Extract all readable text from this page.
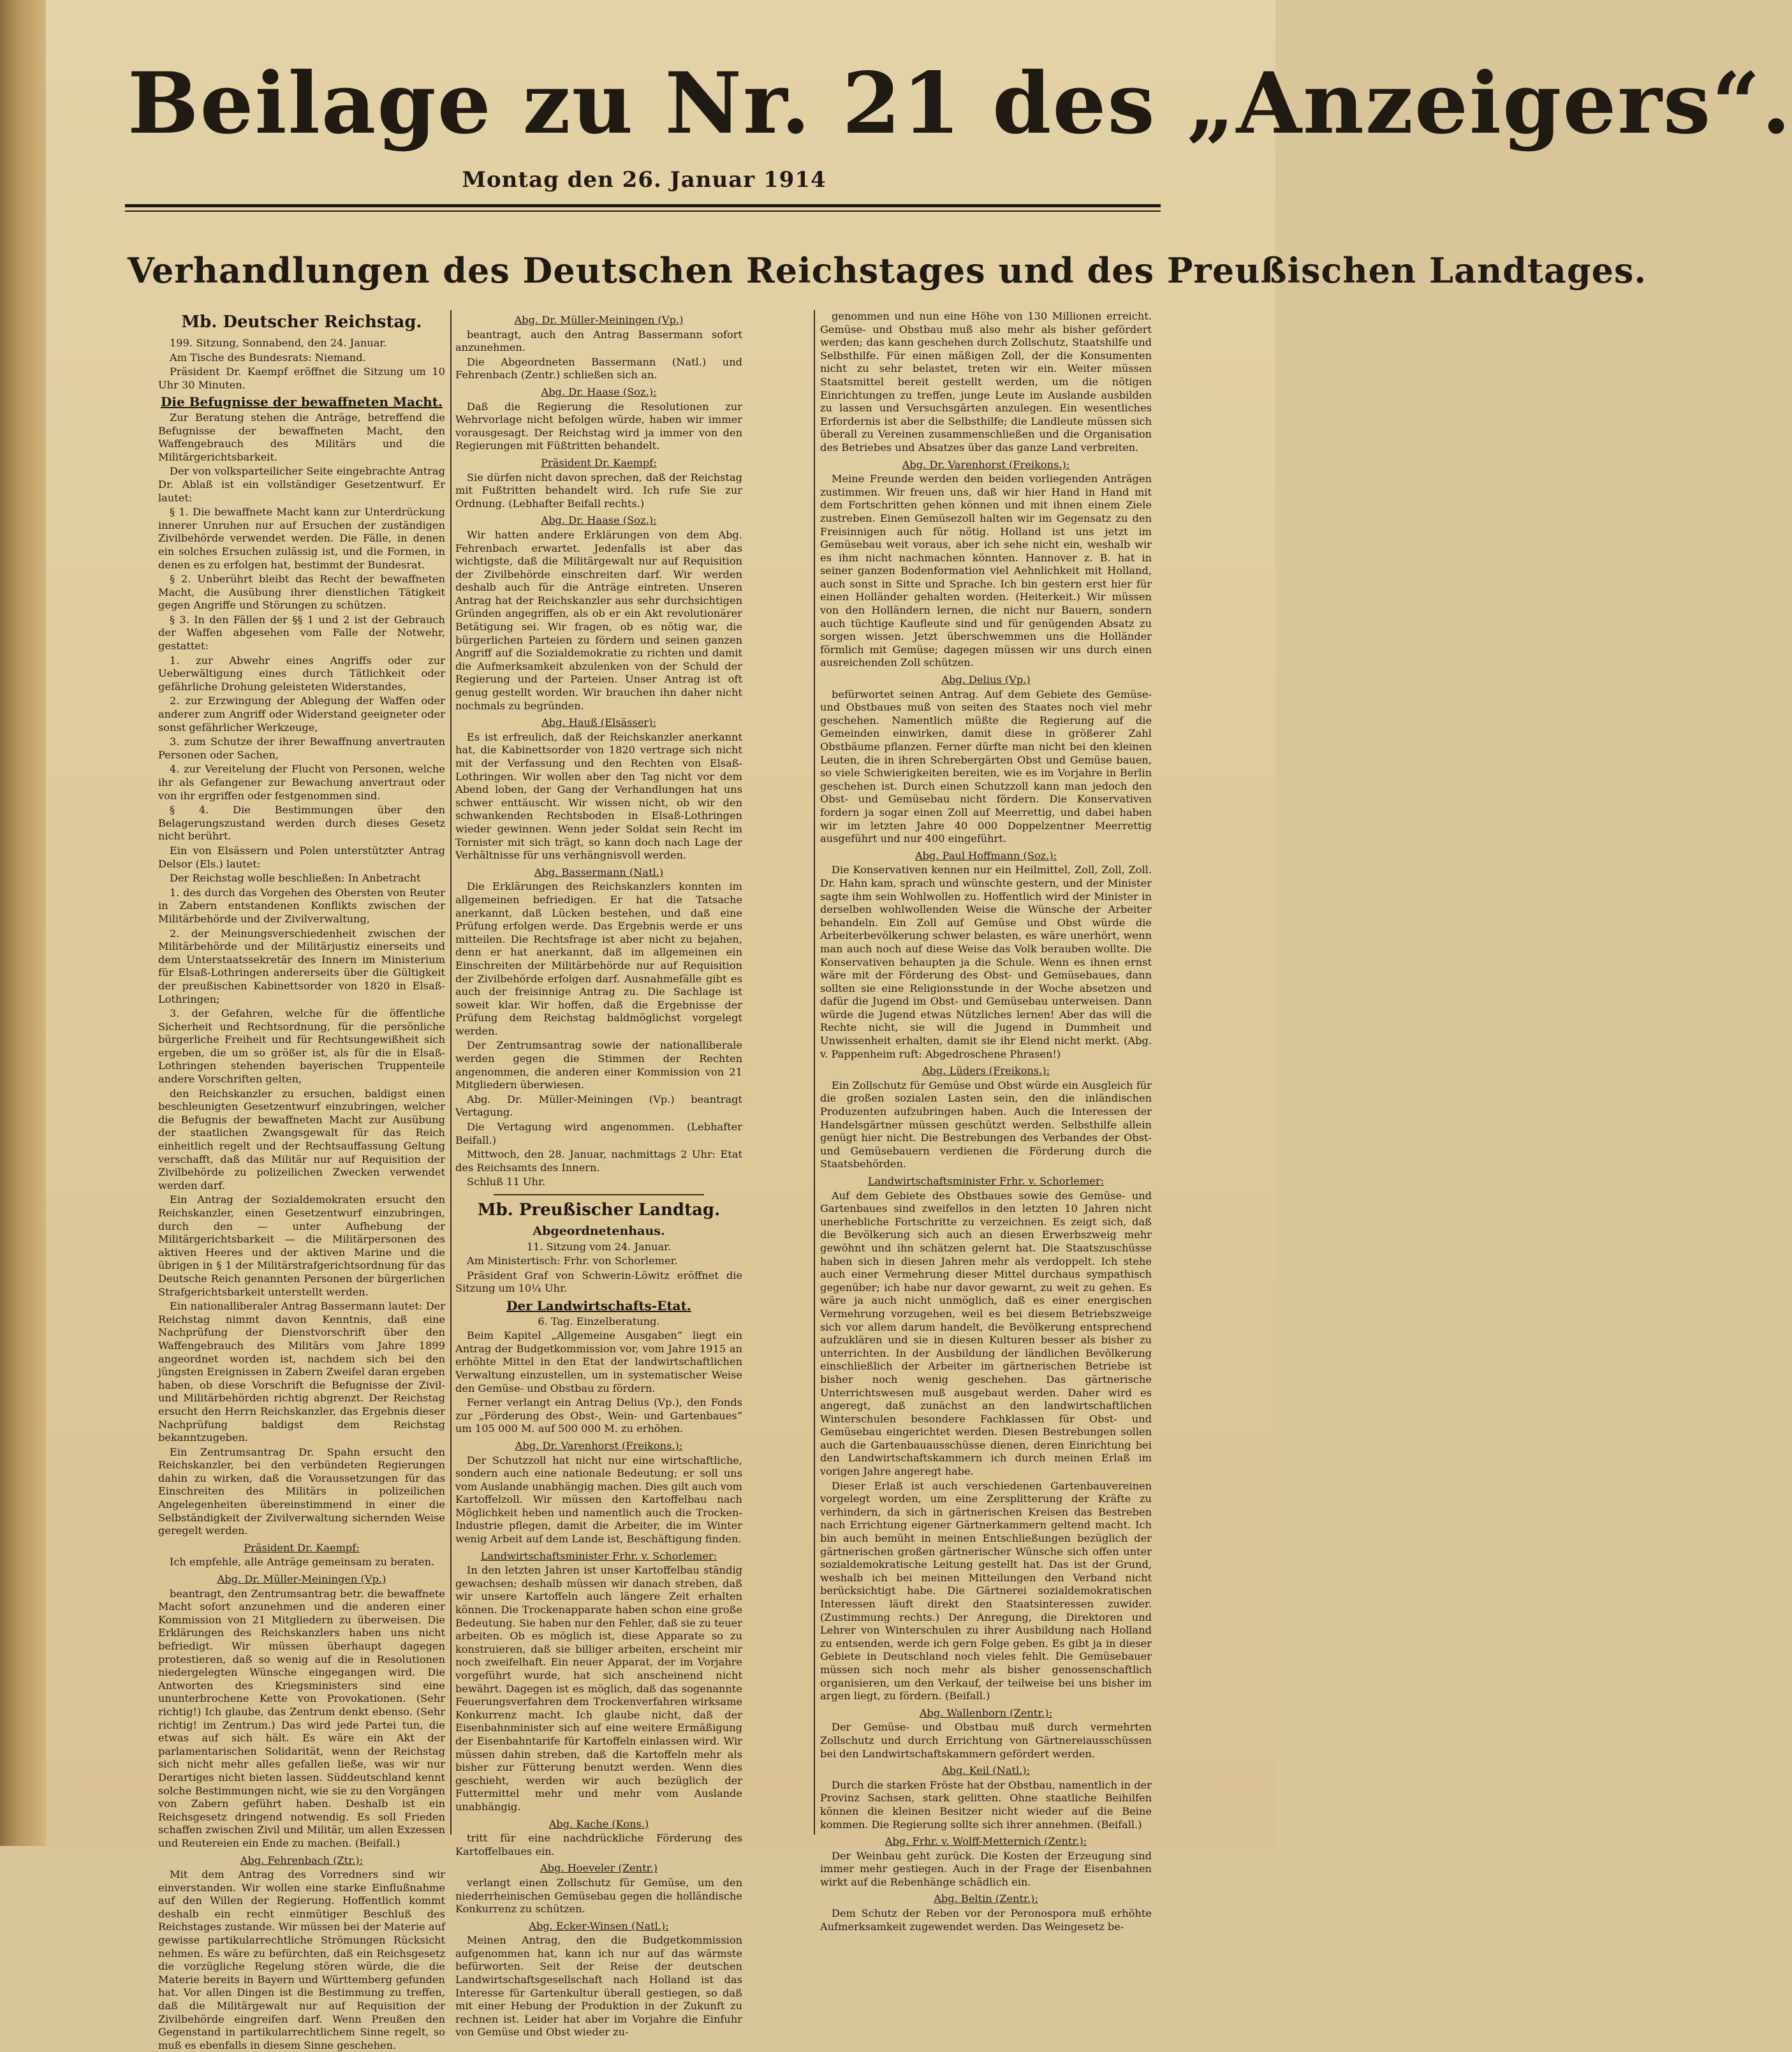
Beilage zu Nr. 21 des „Anzeigers“.
Montag den 26. Januar 1914
Verhandlungen des Deutschen Reichstages und des Preußischen Landtages.

Mb. Deutscher Reichstag.

199. Sitzung, Sonnabend, den 24. Januar.

Am Tische des Bundesrats: Niemand.

Präsident Dr. Kaempf eröffnet die Sitzung um 10 Uhr 30 Minuten.

Die Befugnisse der bewaffneten Macht.

Zur Beratung stehen die Anträge, betreffend die Befugnisse der bewaffneten Macht, den Waffengebrauch des Militärs und die Militärgerichtsbarkeit.

Der von volksparteilicher Seite eingebrachte Antrag Dr. Ablaß ist ein vollständiger Gesetzentwurf. Er lautet:

§ 1. Die bewaffnete Macht kann zur Unterdrückung innerer Unruhen nur auf Ersuchen der zuständigen Zivilbehörde verwendet werden. Die Fälle, in denen ein solches Ersuchen zulässig ist, und die Formen, in denen es zu erfolgen hat, bestimmt der Bundesrat.

§ 2. Unberührt bleibt das Recht der bewaffneten Macht, die Ausübung ihrer dienstlichen Tätigkeit gegen Angriffe und Störungen zu schützen.

§ 3. In den Fällen der §§ 1 und 2 ist der Gebrauch der Waffen abgesehen vom Falle der Notwehr, gestattet:

1. zur Abwehr eines Angriffs oder zur Ueberwältigung eines durch Tätlichkeit oder gefährliche Drohung geleisteten Widerstandes,

2. zur Erzwingung der Ablegung der Waffen oder anderer zum Angriff oder Widerstand geeigneter oder sonst gefährlicher Werkzeuge,

3. zum Schutze der ihrer Bewaffnung anvertrauten Personen oder Sachen,

4. zur Vereitelung der Flucht von Personen, welche ihr als Gefangener zur Bewachung anvertraut oder von ihr ergriffen oder festgenommen sind.

§ 4. Die Bestimmungen über den Belagerungszustand werden durch dieses Gesetz nicht berührt.

Ein von Elsässern und Polen unterstützter Antrag Delsor (Els.) lautet:

Der Reichstag wolle beschließen: In Anbetracht

1. des durch das Vorgehen des Obersten von Reuter in Zabern entstandenen Konflikts zwischen der Militärbehörde und der Zivilverwaltung,

2. der Meinungsverschiedenheit zwischen der Militärbehörde und der Militärjustiz einerseits und dem Unterstaatssekretär des Innern im Ministerium für Elsaß-Lothringen andererseits über die Gültigkeit der preußischen Kabinettsorder von 1820 in Elsaß-Lothringen;

3. der Gefahren, welche für die öffentliche Sicherheit und Rechtsordnung, für die persönliche bürgerliche Freiheit und für Rechtsungewißheit sich ergeben, die um so größer ist, als für die in Elsaß-Lothringen stehenden bayerischen Truppenteile andere Vorschriften gelten,

den Reichskanzler zu ersuchen, baldigst einen beschleunigten Gesetzentwurf einzubringen, welcher die Befugnis der bewaffneten Macht zur Ausübung der staatlichen Zwangsgewalt für das Reich einheitlich regelt und der Rechtsauffassung Geltung verschafft, daß das Militär nur auf Requisition der Zivilbehörde zu polizeilichen Zwecken verwendet werden darf.

Ein Antrag der Sozialdemokraten ersucht den Reichskanzler, einen Gesetzentwurf einzubringen, durch den — unter Aufhebung der Militärgerichtsbarkeit — die Militärpersonen des aktiven Heeres und der aktiven Marine und die übrigen in § 1 der Militärstrafgerichtsordnung für das Deutsche Reich genannten Personen der bürgerlichen Strafgerichtsbarkeit unterstellt werden.

Ein nationalliberaler Antrag Bassermann lautet: Der Reichstag nimmt davon Kenntnis, daß eine Nachprüfung der Dienstvorschrift über den Waffengebrauch des Militärs vom Jahre 1899 angeordnet worden ist, nachdem sich bei den jüngsten Ereignissen in Zabern Zweifel daran ergeben haben, ob diese Vorschrift die Befugnisse der Zivil- und Militärbehörden richtig abgrenzt. Der Reichstag ersucht den Herrn Reichskanzler, das Ergebnis dieser Nachprüfung baldigst dem Reichstag bekanntzugeben.

Ein Zentrumsantrag Dr. Spahn ersucht den Reichskanzler, bei den verbündeten Regierungen dahin zu wirken, daß die Voraussetzungen für das Einschreiten des Militärs in polizeilichen Angelegenheiten übereinstimmend in einer die Selbständigkeit der Zivilverwaltung sichernden Weise geregelt werden.

Präsident Dr. Kaempf:

Ich empfehle, alle Anträge gemeinsam zu beraten.

Abg. Dr. Müller-Meiningen (Vp.)

beantragt, den Zentrumsantrag betr. die bewaffnete Macht sofort anzunehmen und die anderen einer Kommission von 21 Mitgliedern zu überweisen. Die Erklärungen des Reichskanzlers haben uns nicht befriedigt. Wir müssen überhaupt dagegen protestieren, daß so wenig auf die in Resolutionen niedergelegten Wünsche eingegangen wird. Die Antworten des Kriegsministers sind eine ununterbrochene Kette von Provokationen. (Sehr richtig!) Ich glaube, das Zentrum denkt ebenso. (Sehr richtig! im Zentrum.) Das wird jede Partei tun, die etwas auf sich hält. Es wäre ein Akt der parlamentarischen Solidarität, wenn der Reichstag sich nicht mehr alles gefallen ließe, was wir nur Derartiges nicht bieten lassen. Süddeutschland kennt solche Bestimmungen nicht, wie sie zu den Vorgängen von Zabern geführt haben. Deshalb ist ein Reichsgesetz dringend notwendig. Es soll Frieden schaffen zwischen Zivil und Militär, um allen Exzessen und Reutereien ein Ende zu machen. (Beifall.)

Abg. Fehrenbach (Ztr.):

Mit dem Antrag des Vorredners sind wir einverstanden. Wir wollen eine starke Einflußnahme auf den Willen der Regierung. Hoffentlich kommt deshalb ein recht einmütiger Beschluß des Reichstages zustande. Wir müssen bei der Materie auf gewisse partikularrechtliche Strömungen Rücksicht nehmen. Es wäre zu befürchten, daß ein Reichsgesetz die vorzügliche Regelung stören würde, die die Materie bereits in Bayern und Württemberg gefunden hat. Vor allen Dingen ist die Bestimmung zu treffen, daß die Militärgewalt nur auf Requisition der Zivilbehörde eingreifen darf. Wenn Preußen den Gegenstand in partikularrechtlichem Sinne regelt, so muß es ebenfalls in diesem Sinne geschehen.

Abg. Dr. Müller-Meiningen (Vp.)

beantragt, auch den Antrag Bassermann sofort anzunehmen.

Die Abgeordneten Bassermann (Natl.) und Fehrenbach (Zentr.) schließen sich an.

Abg. Dr. Haase (Soz.):

Daß die Regierung die Resolutionen zur Wehrvorlage nicht befolgen würde, haben wir immer vorausgesagt. Der Reichstag wird ja immer von den Regierungen mit Füßtritten behandelt.

Präsident Dr. Kaempf:

Sie dürfen nicht davon sprechen, daß der Reichstag mit Fußtritten behandelt wird. Ich rufe Sie zur Ordnung. (Lebhafter Beifall rechts.)

Abg. Dr. Haase (Soz.):

Wir hatten andere Erklärungen von dem Abg. Fehrenbach erwartet. Jedenfalls ist aber das wichtigste, daß die Militärgewalt nur auf Requisition der Zivilbehörde einschreiten darf. Wir werden deshalb auch für die Anträge eintreten. Unseren Antrag hat der Reichskanzler aus sehr durchsichtigen Gründen angegriffen, als ob er ein Akt revolutionärer Betätigung sei. Wir fragen, ob es nötig war, die bürgerlichen Parteien zu fördern und seinen ganzen Angriff auf die Sozialdemokratie zu richten und damit die Aufmerksamkeit abzulenken von der Schuld der Regierung und der Parteien. Unser Antrag ist oft genug gestellt worden. Wir brauchen ihn daher nicht nochmals zu begründen.

Abg. Hauß (Elsässer):

Es ist erfreulich, daß der Reichskanzler anerkannt hat, die Kabinettsorder von 1820 vertrage sich nicht mit der Verfassung und den Rechten von Elsaß-Lothringen. Wir wollen aber den Tag nicht vor dem Abend loben, der Gang der Verhandlungen hat uns schwer enttäuscht. Wir wissen nicht, ob wir den schwankenden Rechtsboden in Elsaß-Lothringen wieder gewinnen. Wenn jeder Soldat sein Recht im Tornister mit sich trägt, so kann doch nach Lage der Verhältnisse für uns verhängnisvoll werden.

Abg. Bassermann (Natl.)

Die Erklärungen des Reichskanzlers konnten im allgemeinen befriedigen. Er hat die Tatsache anerkannt, daß Lücken bestehen, und daß eine Prüfung erfolgen werde. Das Ergebnis werde er uns mitteilen. Die Rechtsfrage ist aber nicht zu bejahen, denn er hat anerkannt, daß im allgemeinen ein Einschreiten der Militärbehörde nur auf Requisition der Zivilbehörde erfolgen darf. Ausnahmefälle gibt es auch der freisinnige Antrag zu. Die Sachlage ist soweit klar. Wir hoffen, daß die Ergebnisse der Prüfung dem Reichstag baldmöglichst vorgelegt werden.

Der Zentrumsantrag sowie der nationalliberale werden gegen die Stimmen der Rechten angenommen, die anderen einer Kommission von 21 Mitgliedern überwiesen.

Abg. Dr. Müller-Meiningen (Vp.) beantragt Vertagung.

Die Vertagung wird angenommen. (Lebhafter Beifall.)

Mittwoch, den 28. Januar, nachmittags 2 Uhr: Etat des Reichsamts des Innern.

Schluß 11 Uhr.

Mb. Preußischer Landtag.

Abgeordnetenhaus.

11. Sitzung vom 24. Januar.

Am Ministertisch: Frhr. von Schorlemer.

Präsident Graf von Schwerin-Löwitz eröffnet die Sitzung um 10¼ Uhr.

Der Landwirtschafts-Etat.

6. Tag. Einzelberatung.

Beim Kapitel „Allgemeine Ausgaben“ liegt ein Antrag der Budgetkommission vor, vom Jahre 1915 an erhöhte Mittel in den Etat der landwirtschaftlichen Verwaltung einzustellen, um in systematischer Weise den Gemüse- und Obstbau zu fördern.

Ferner verlangt ein Antrag Delius (Vp.), den Fonds zur „Förderung des Obst-, Wein- und Gartenbaues“ um 105 000 M. auf 500 000 M. zu erhöhen.

Abg. Dr. Varenhorst (Freikons.):

Der Schutzzoll hat nicht nur eine wirtschaftliche, sondern auch eine nationale Bedeutung; er soll uns vom Auslande unabhängig machen. Dies gilt auch vom Kartoffelzoll. Wir müssen den Kartoffelbau nach Möglichkeit heben und namentlich auch die Trocken-Industrie pflegen, damit die Arbeiter, die im Winter wenig Arbeit auf dem Lande ist, Beschäftigung finden.

Landwirtschaftsminister Frhr. v. Schorlemer:

In den letzten Jahren ist unser Kartoffelbau ständig gewachsen; deshalb müssen wir danach streben, daß wir unsere Kartoffeln auch längere Zeit erhalten können. Die Trockenapparate haben schon eine große Bedeutung. Sie haben nur den Fehler, daß sie zu teuer arbeiten. Ob es möglich ist, diese Apparate so zu konstruieren, daß sie billiger arbeiten, erscheint mir noch zweifelhaft. Ein neuer Apparat, der im Vorjahre vorgeführt wurde, hat sich anscheinend nicht bewährt. Dagegen ist es möglich, daß das sogenannte Feuerungsverfahren dem Trockenverfahren wirksame Konkurrenz macht. Ich glaube nicht, daß der Eisenbahnminister sich auf eine weitere Ermäßigung der Eisenbahntarife für Kartoffeln einlassen wird. Wir müssen dahin streben, daß die Kartoffeln mehr als bisher zur Fütterung benutzt werden. Wenn dies geschieht, werden wir auch bezüglich der Futtermittel mehr und mehr vom Auslande unabhängig.

Abg. Kache (Kons.)

tritt für eine nachdrückliche Förderung des Kartoffelbaues ein.

Abg. Hoeveler (Zentr.)

verlangt einen Zollschutz für Gemüse, um den niederrheinischen Gemüsebau gegen die holländische Konkurrenz zu schützen.

Abg. Ecker-Winsen (Natl.):

Meinen Antrag, den die Budgetkommission aufgenommen hat, kann ich nur auf das wärmste befürworten. Seit der Reise der deutschen Landwirtschaftsgesellschaft nach Holland ist das Interesse für Gartenkultur überall gestiegen, so daß mit einer Hebung der Produktion in der Zukunft zu rechnen ist. Leider hat aber im Vorjahre die Einfuhr von Gemüse und Obst wieder zu-

genommen und nun eine Höhe von 130 Millionen erreicht. Gemüse- und Obstbau muß also mehr als bisher gefördert werden; das kann geschehen durch Zollschutz, Staatshilfe und Selbsthilfe. Für einen mäßigen Zoll, der die Konsumenten nicht zu sehr belastet, treten wir ein. Weiter müssen Staatsmittel bereit gestellt werden, um die nötigen Einrichtungen zu treffen, junge Leute im Auslande ausbilden zu lassen und Versuchsgärten anzulegen. Ein wesentliches Erfordernis ist aber die Selbsthilfe; die Landleute müssen sich überall zu Vereinen zusammenschließen und die Organisation des Betriebes und Absatzes über das ganze Land verbreiten.

Abg. Dr. Varenhorst (Freikons.):

Meine Freunde werden den beiden vorliegenden Anträgen zustimmen. Wir freuen uns, daß wir hier Hand in Hand mit dem Fortschritten gehen können und mit ihnen einem Ziele zustreben. Einen Gemüsezoll halten wir im Gegensatz zu den Freisinnigen auch für nötig. Holland ist uns jetzt im Gemüsebau weit voraus, aber ich sehe nicht ein, weshalb wir es ihm nicht nachmachen könnten. Hannover z. B. hat in seiner ganzen Bodenformation viel Aehnlichkeit mit Holland, auch sonst in Sitte und Sprache. Ich bin gestern erst hier für einen Holländer gehalten worden. (Heiterkeit.) Wir müssen von den Holländern lernen, die nicht nur Bauern, sondern auch tüchtige Kaufleute sind und für genügenden Absatz zu sorgen wissen. Jetzt überschwemmen uns die Holländer förmlich mit Gemüse; dagegen müssen wir uns durch einen ausreichenden Zoll schützen.

Abg. Delius (Vp.)

befürwortet seinen Antrag. Auf dem Gebiete des Gemüse- und Obstbaues muß von seiten des Staates noch viel mehr geschehen. Namentlich müßte die Regierung auf die Gemeinden einwirken, damit diese in größerer Zahl Obstbäume pflanzen. Ferner dürfte man nicht bei den kleinen Leuten, die in ihren Schrebergärten Obst und Gemüse bauen, so viele Schwierigkeiten bereiten, wie es im Vorjahre in Berlin geschehen ist. Durch einen Schutzzoll kann man jedoch den Obst- und Gemüsebau nicht fördern. Die Konservativen fordern ja sogar einen Zoll auf Meerrettig, und dabei haben wir im letzten Jahre 40 000 Doppelzentner Meerrettig ausgeführt und nur 400 eingeführt.

Abg. Paul Hoffmann (Soz.):

Die Konservativen kennen nur ein Heilmittel, Zoll, Zoll, Zoll. Dr. Hahn kam, sprach und wünschte gestern, und der Minister sagte ihm sein Wohlwollen zu. Hoffentlich wird der Minister in derselben wohlwollenden Weise die Wünsche der Arbeiter behandeln. Ein Zoll auf Gemüse und Obst würde die Arbeiterbevölkerung schwer belasten, es wäre unerhört, wenn man auch noch auf diese Weise das Volk berauben wollte. Die Konservativen behaupten ja die Schule. Wenn es ihnen ernst wäre mit der Förderung des Obst- und Gemüsebaues, dann sollten sie eine Religionsstunde in der Woche absetzen und dafür die Jugend im Obst- und Gemüsebau unterweisen. Dann würde die Jugend etwas Nützliches lernen! Aber das will die Rechte nicht, sie will die Jugend in Dummheit und Unwissenheit erhalten, damit sie ihr Elend nicht merkt. (Abg. v. Pappenheim ruft: Abgedroschene Phrasen!)

Abg. Lüders (Freikons.):

Ein Zollschutz für Gemüse und Obst würde ein Ausgleich für die großen sozialen Lasten sein, den die inländischen Produzenten aufzubringen haben. Auch die Interessen der Handelsgärtner müssen geschützt werden. Selbsthilfe allein genügt hier nicht. Die Bestrebungen des Verbandes der Obst- und Gemüsebauern verdienen die Förderung durch die Staatsbehörden.

Landwirtschaftsminister Frhr. v. Schorlemer:

Auf dem Gebiete des Obstbaues sowie des Gemüse- und Gartenbaues sind zweifellos in den letzten 10 Jahren nicht unerhebliche Fortschritte zu verzeichnen. Es zeigt sich, daß die Bevölkerung sich auch an diesen Erwerbszweig mehr gewöhnt und ihn schätzen gelernt hat. Die Staatszuschüsse haben sich in diesen Jahren mehr als verdoppelt. Ich stehe auch einer Vermehrung dieser Mittel durchaus sympathisch gegenüber; ich habe nur davor gewarnt, zu weit zu gehen. Es wäre ja auch nicht unmöglich, daß es einer energischen Vermehrung vorzugehen, weil es bei diesem Betriebszweige sich vor allem darum handelt, die Bevölkerung entsprechend aufzuklären und sie in diesen Kulturen besser als bisher zu unterrichten. In der Ausbildung der ländlichen Bevölkerung einschließlich der Arbeiter im gärtnerischen Betriebe ist bisher noch wenig geschehen. Das gärtnerische Unterrichtswesen muß ausgebaut werden. Daher wird es angeregt, daß zunächst an den landwirtschaftlichen Winterschulen besondere Fachklassen für Obst- und Gemüsebau eingerichtet werden. Diesen Bestrebungen sollen auch die Gartenbauausschüsse dienen, deren Einrichtung bei den Landwirtschaftskammern ich durch meinen Erlaß im vorigen Jahre angeregt habe.

Dieser Erlaß ist auch verschiedenen Gartenbauvereinen vorgelegt worden, um eine Zersplitterung der Kräfte zu verhindern, da sich in gärtnerischen Kreisen das Bestreben nach Errichtung eigener Gärtnerkammern geltend macht. Ich bin auch bemüht in meinen Entschließungen bezüglich der gärtnerischen großen gärtnerischer Wünsche sich offen unter sozialdemokratische Leitung gestellt hat. Das ist der Grund, weshalb ich bei meinen Mitteilungen den Verband nicht berücksichtigt habe. Die Gärtnerei sozialdemokratischen Interessen läuft direkt den Staatsinteressen zuwider. (Zustimmung rechts.) Der Anregung, die Direktoren und Lehrer von Winterschulen zu ihrer Ausbildung nach Holland zu entsenden, werde ich gern Folge geben. Es gibt ja in dieser Gebiete in Deutschland noch vieles fehlt. Die Gemüsebauer müssen sich noch mehr als bisher genossenschaftlich organisieren, um den Verkauf, der teilweise bei uns bisher im argen liegt, zu fördern. (Beifall.)

Abg. Wallenborn (Zentr.):

Der Gemüse- und Obstbau muß durch vermehrten Zollschutz und durch Errichtung von Gärtnereiausschüssen bei den Landwirtschaftskammern gefördert werden.

Abg. Keil (Natl.):

Durch die starken Fröste hat der Obstbau, namentlich in der Provinz Sachsen, stark gelitten. Ohne staatliche Beihilfen können die kleinen Besitzer nicht wieder auf die Beine kommen. Die Regierung sollte sich ihrer annehmen. (Beifall.)

Abg. Frhr. v. Wolff-Metternich (Zentr.):

Der Weinbau geht zurück. Die Kosten der Erzeugung sind immer mehr gestiegen. Auch in der Frage der Eisenbahnen wirkt auf die Rebenhänge schädlich ein.

Abg. Beltin (Zentr.):

Dem Schutz der Reben vor der Peronospora muß erhöhte Aufmerksamkeit zugewendet werden. Das Weingesetz be-
